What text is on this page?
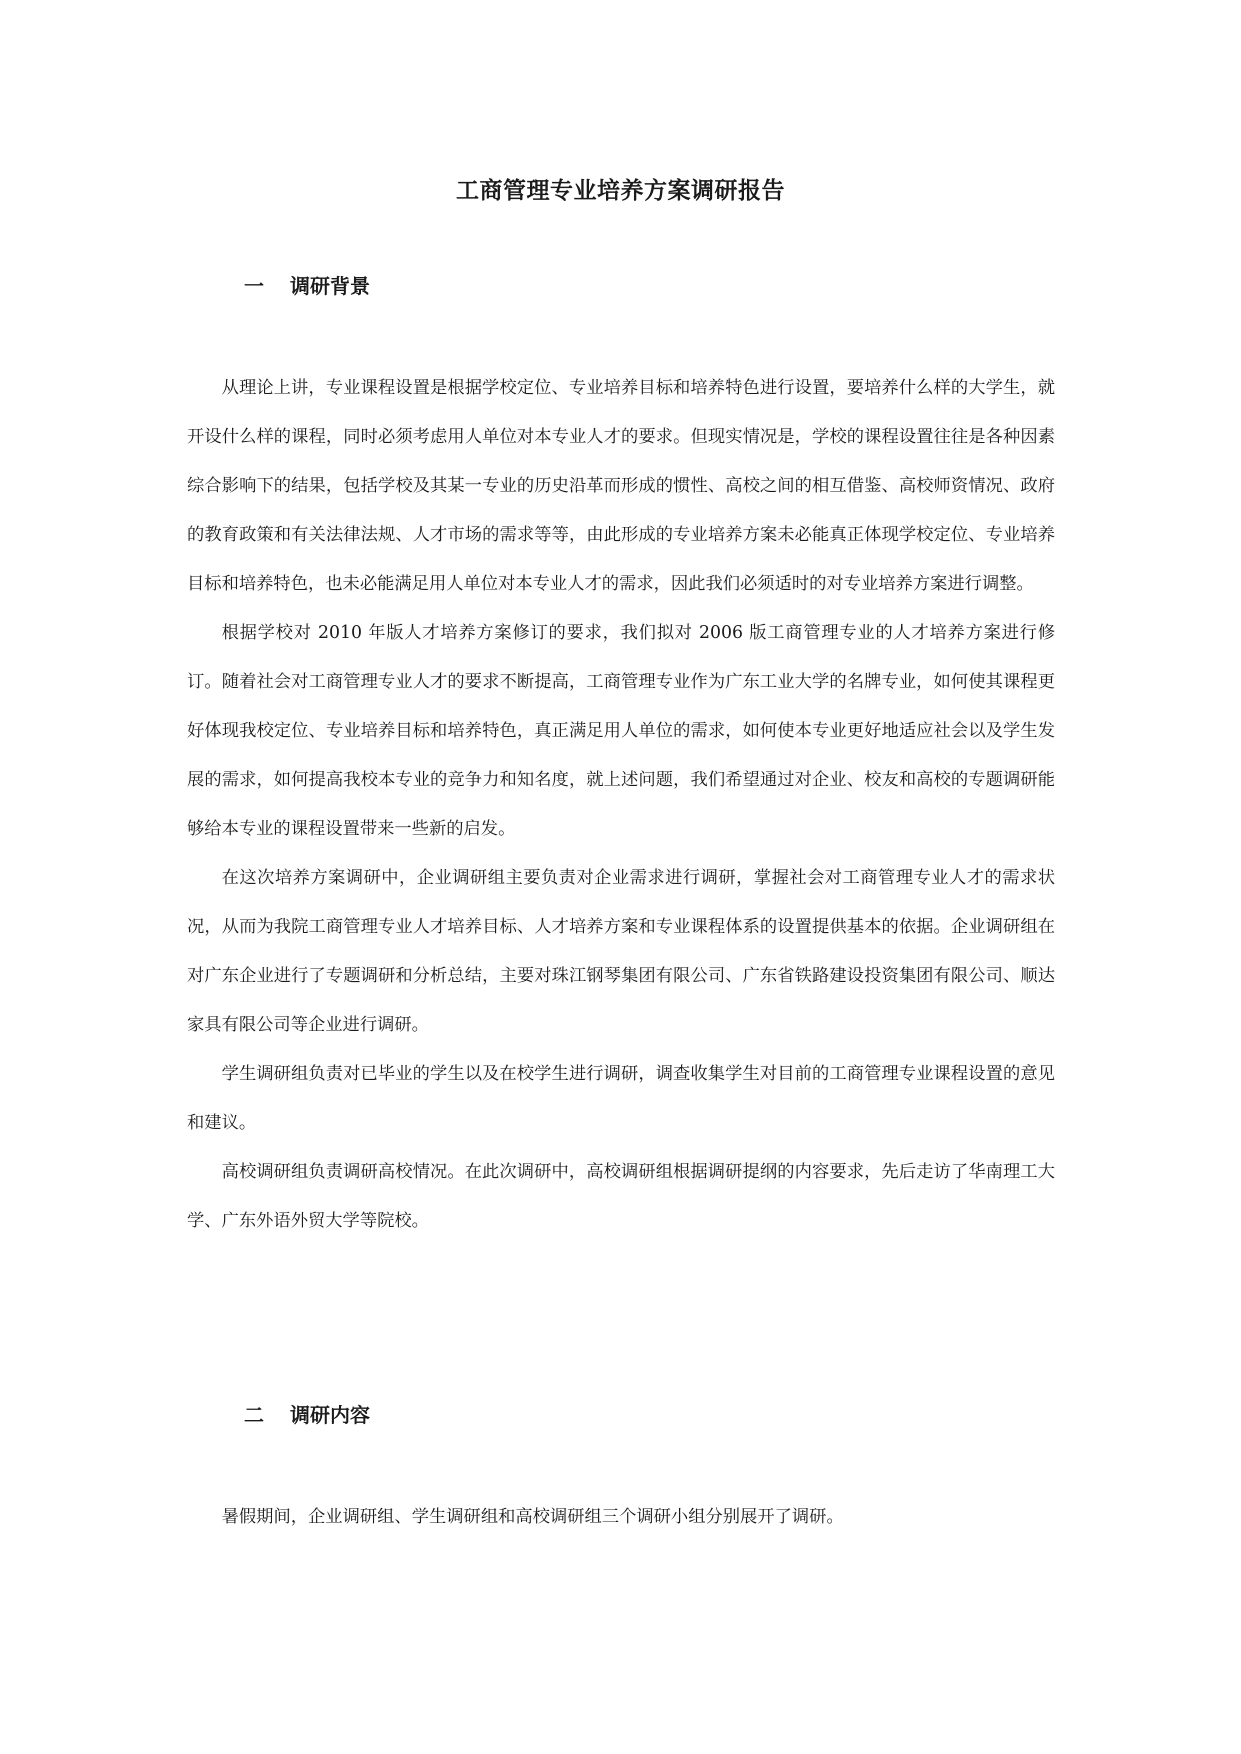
工商管理专业培养方案调研报告
一 调研背景

从理论上讲，专业课程设置是根据学校定位、专业培养目标和培养特色进行设置，要培养什么样的大学生，就开设什么样的课程，同时必须考虑用人单位对本专业人才的要求。但现实情况是，学校的课程设置往往是各种因素综合影响下的结果，包括学校及其某一专业的历史沿革而形成的惯性、高校之间的相互借鉴、高校师资情况、政府的教育政策和有关法律法规、人才市场的需求等等，由此形成的专业培养方案未必能真正体现学校定位、专业培养目标和培养特色，也未必能满足用人单位对本专业人才的需求，因此我们必须适时的对专业培养方案进行调整。

根据学校对 2010 年版人才培养方案修订的要求，我们拟对 2006 版工商管理专业的人才培养方案进行修订。随着社会对工商管理专业人才的要求不断提高，工商管理专业作为广东工业大学的名牌专业，如何使其课程更好体现我校定位、专业培养目标和培养特色，真正满足用人单位的需求，如何使本专业更好地适应社会以及学生发展的需求，如何提高我校本专业的竞争力和知名度，就上述问题，我们希望通过对企业、校友和高校的专题调研能够给本专业的课程设置带来一些新的启发。

在这次培养方案调研中，企业调研组主要负责对企业需求进行调研，掌握社会对工商管理专业人才的需求状况，从而为我院工商管理专业人才培养目标、人才培养方案和专业课程体系的设置提供基本的依据。企业调研组在对广东企业进行了专题调研和分析总结，主要对珠江钢琴集团有限公司、广东省铁路建设投资集团有限公司、顺达家具有限公司等企业进行调研。

学生调研组负责对已毕业的学生以及在校学生进行调研，调查收集学生对目前的工商管理专业课程设置的意见和建议。

高校调研组负责调研高校情况。在此次调研中，高校调研组根据调研提纲的内容要求，先后走访了华南理工大学、广东外语外贸大学等院校。

二 调研内容

暑假期间，企业调研组、学生调研组和高校调研组三个调研小组分别展开了调研。
